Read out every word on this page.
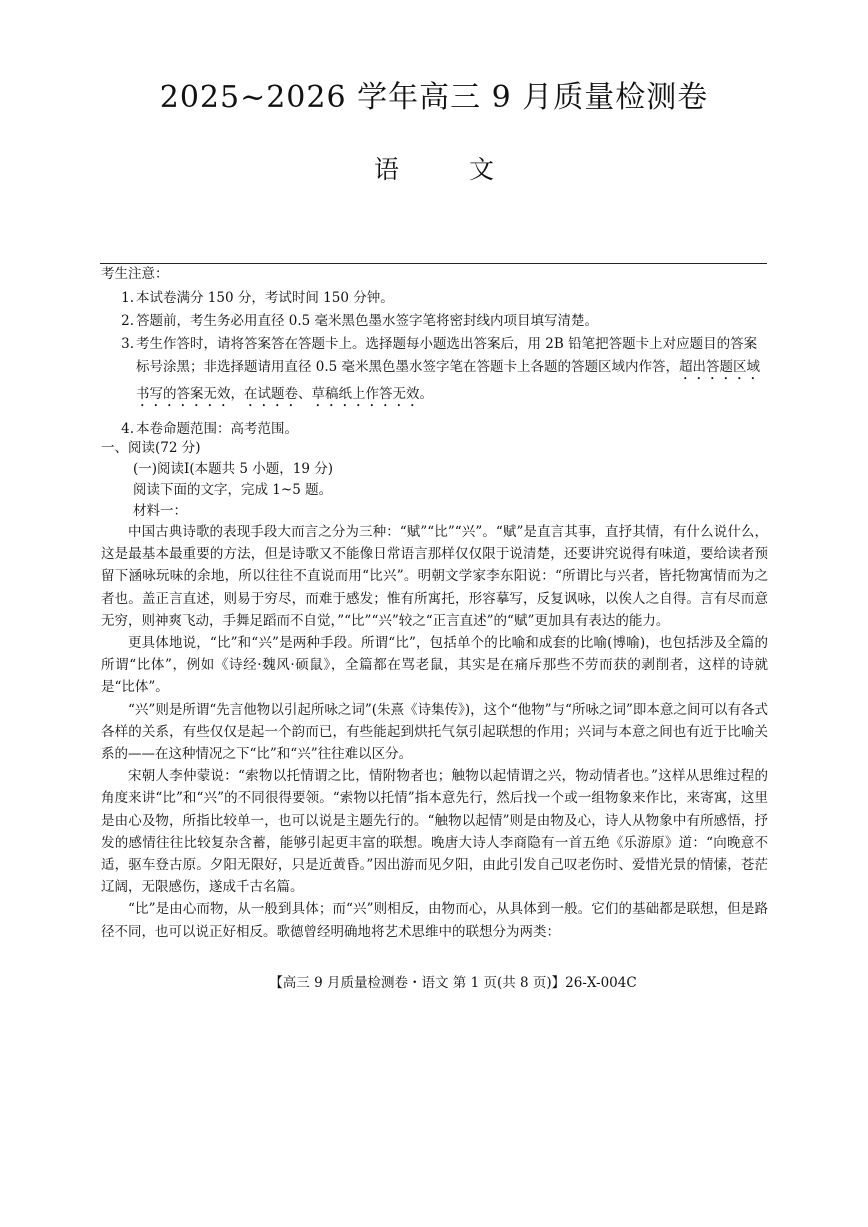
2025~2026 学年高三 9 月质量检测卷
语	文
考生注意：
1. 本试卷满分 150 分，考试时间 150 分钟。
2. 答题前，考生务必用直径 0.5 毫米黑色墨水签字笔将密封线内项目填写清楚。
3. 考生作答时，请将答案答在答题卡上。选择题每小题选出答案后，用 2B 铅笔把答题卡上对应题目的答案标号涂黑；非选择题请用直径 0.5 毫米黑色墨水签字笔在答题卡上各题的答题区域内作答，超出答题区域书写的答案无效，在试题卷、草稿纸上作答无效。
4. 本卷命题范围：高考范围。
一、阅读(72 分)
(一)阅读Ⅰ(本题共 5 小题，19 分)
阅读下面的文字，完成 1~5 题。
材料一：

中国古典诗歌的表现手段大而言之分为三种：“赋”“比”“兴”。“赋”是直言其事，直抒其情，有什么说什么，这是最基本最重要的方法，但是诗歌又不能像日常语言那样仅仅限于说清楚，还要讲究说得有味道，要给读者预留下涵咏玩味的余地，所以往往不直说而用“比兴”。明朝文学家李东阳说：“所谓比与兴者，皆托物寓情而为之者也。盖正言直述，则易于穷尽，而难于感发；惟有所寓托，形容摹写，反复讽咏，以俟人之自得。言有尽而意无穷，则神爽飞动，手舞足蹈而不自觉，”“比”“兴”较之“正言直述”的“赋”更加具有表达的能力。

更具体地说，“比”和“兴”是两种手段。所谓“比”，包括单个的比喻和成套的比喻(博喻)，也包括涉及全篇的所谓“比体”，例如《诗经·魏风·硕鼠》，全篇都在骂老鼠，其实是在痛斥那些不劳而获的剥削者，这样的诗就是“比体”。

“兴”则是所谓“先言他物以引起所咏之词”(朱熹《诗集传》)，这个“他物”与“所咏之词”即本意之间可以有各式各样的关系，有些仅仅是起一个韵而已，有些能起到烘托气氛引起联想的作用；兴词与本意之间也有近于比喻关系的——在这种情况之下“比”和“兴”往往难以区分。

宋朝人李仲蒙说：“索物以托情谓之比，情附物者也；触物以起情谓之兴，物动情者也。”这样从思维过程的角度来讲“比”和“兴”的不同很得要领。“索物以托情”指本意先行，然后找一个或一组物象来作比，来寄寓，这里是由心及物，所指比较单一，也可以说是主题先行的。“触物以起情”则是由物及心，诗人从物象中有所感悟，抒发的感情往往比较复杂含蓄，能够引起更丰富的联想。晚唐大诗人李商隐有一首五绝《乐游原》道：“向晚意不适，驱车登古原。夕阳无限好，只是近黄昏。”因出游而见夕阳，由此引发自己叹老伤时、爱惜光景的情愫，苍茫辽阔，无限感伤，遂成千古名篇。

“比”是由心而物，从一般到具体；而“兴”则相反，由物而心，从具体到一般。它们的基础都是联想，但是路径不同，也可以说正好相反。歌德曾经明确地将艺术思维中的联想分为两类：

【高三 9 月质量检测卷・语文 第 1 页(共 8 页)】26-X-004C
